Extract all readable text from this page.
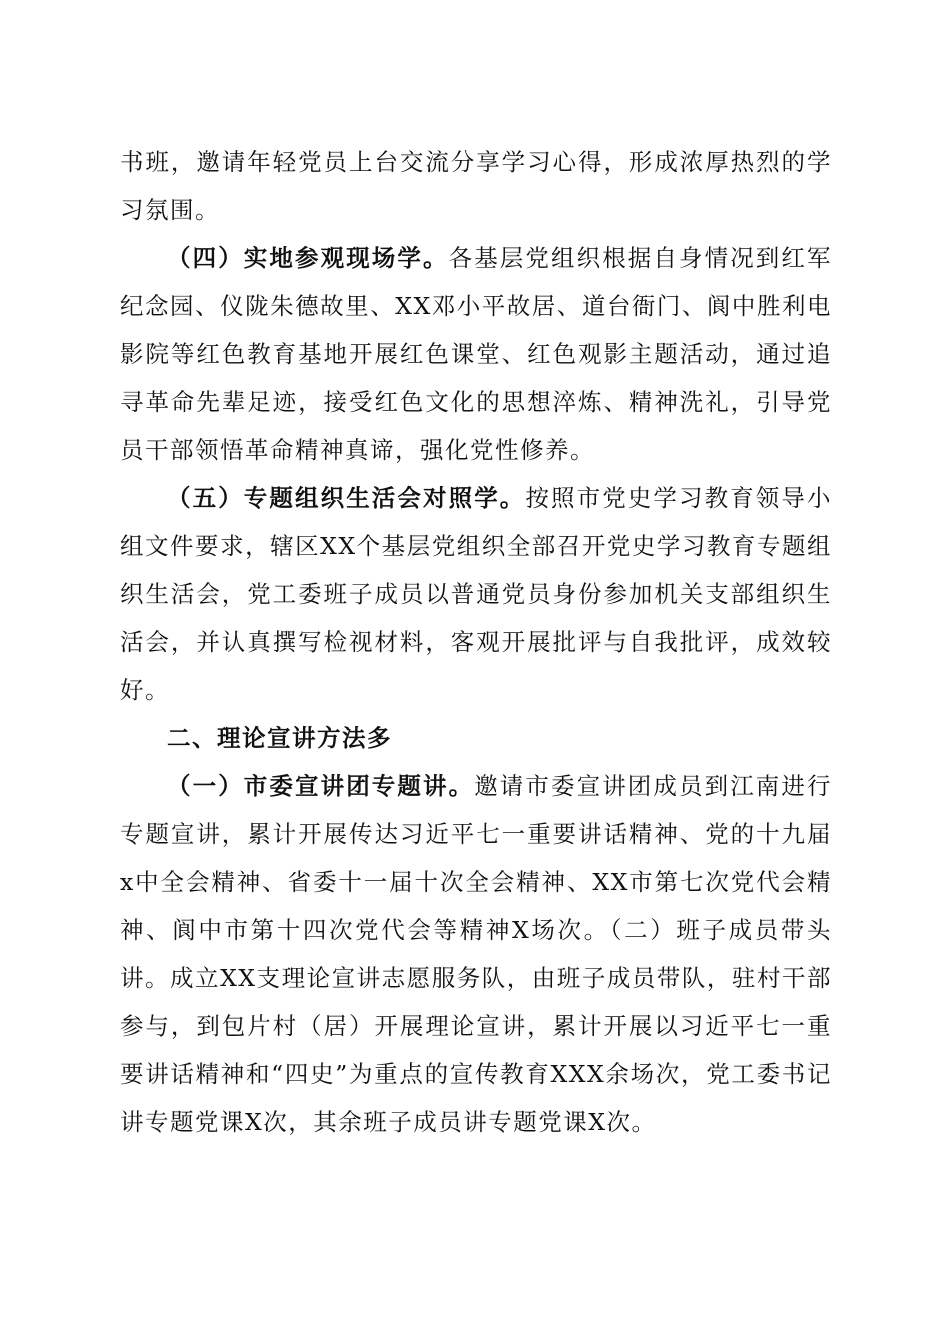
书班，邀请年轻党员上台交流分享学习心得，形成浓厚热烈的学习氛围。

（四）实地参观现场学。各基层党组织根据自身情况到红军纪念园、仪陇朱德故里、XX邓小平故居、道台衙门、阆中胜利电影院等红色教育基地开展红色课堂、红色观影主题活动，通过追寻革命先辈足迹，接受红色文化的思想淬炼、精神洗礼，引导党员干部领悟革命精神真谛，强化党性修养。

（五）专题组织生活会对照学。按照市党史学习教育领导小组文件要求，辖区XX个基层党组织全部召开党史学习教育专题组织生活会，党工委班子成员以普通党员身份参加机关支部组织生活会，并认真撰写检视材料，客观开展批评与自我批评，成效较好。

二、理论宣讲方法多

（一）市委宣讲团专题讲。邀请市委宣讲团成员到江南进行专题宣讲，累计开展传达习近平七一重要讲话精神、党的十九届x中全会精神、省委十一届十次全会精神、XX市第七次党代会精神、阆中市第十四次党代会等精神X场次。（二）班子成员带头讲。成立XX支理论宣讲志愿服务队，由班子成员带队，驻村干部参与，到包片村（居）开展理论宣讲，累计开展以习近平七一重要讲话精神和“四史”为重点的宣传教育XXX余场次，党工委书记讲专题党课X次，其余班子成员讲专题党课X次。
